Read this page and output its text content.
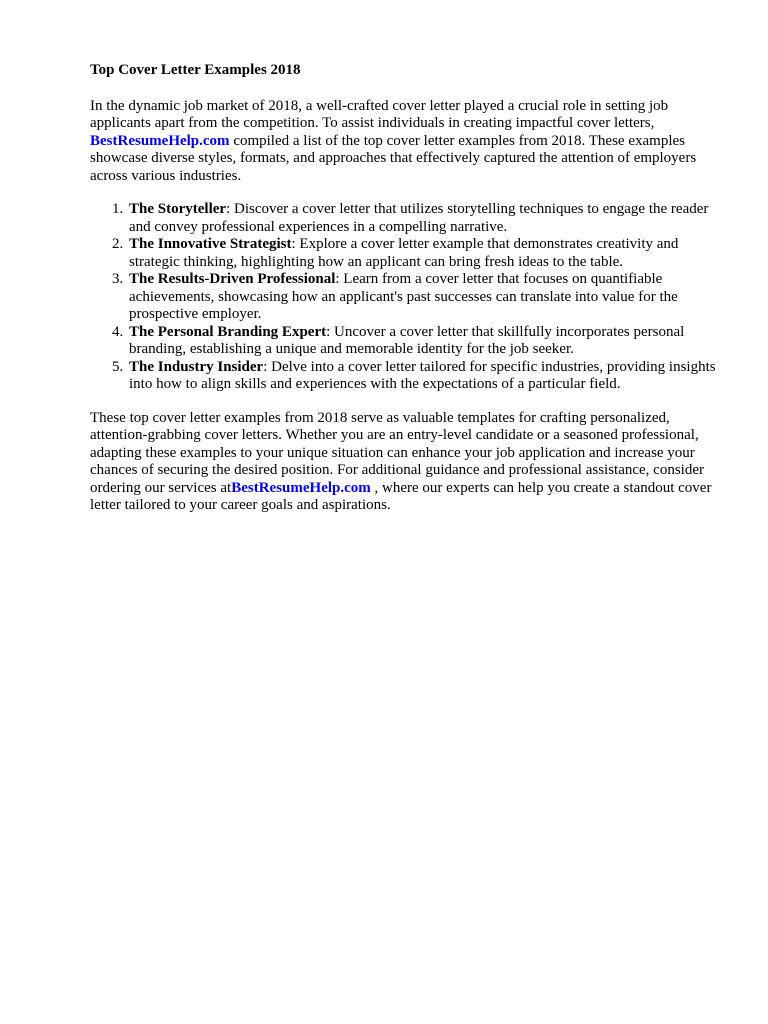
Top Cover Letter Examples 2018

In the dynamic job market of 2018, a well-crafted cover letter played a crucial role in setting job applicants apart from the competition. To assist individuals in creating impactful cover letters, BestResumeHelp.com compiled a list of the top cover letter examples from 2018. These examples showcase diverse styles, formats, and approaches that effectively captured the attention of employers across various industries.

1. The Storyteller: Discover a cover letter that utilizes storytelling techniques to engage the reader and convey professional experiences in a compelling narrative.
2. The Innovative Strategist: Explore a cover letter example that demonstrates creativity and strategic thinking, highlighting how an applicant can bring fresh ideas to the table.
3. The Results-Driven Professional: Learn from a cover letter that focuses on quantifiable achievements, showcasing how an applicant's past successes can translate into value for the prospective employer.
4. The Personal Branding Expert: Uncover a cover letter that skillfully incorporates personal branding, establishing a unique and memorable identity for the job seeker.
5. The Industry Insider: Delve into a cover letter tailored for specific industries, providing insights into how to align skills and experiences with the expectations of a particular field.

These top cover letter examples from 2018 serve as valuable templates for crafting personalized, attention-grabbing cover letters. Whether you are an entry-level candidate or a seasoned professional, adapting these examples to your unique situation can enhance your job application and increase your chances of securing the desired position. For additional guidance and professional assistance, consider ordering our services atBestResumeHelp.com , where our experts can help you create a standout cover letter tailored to your career goals and aspirations.
